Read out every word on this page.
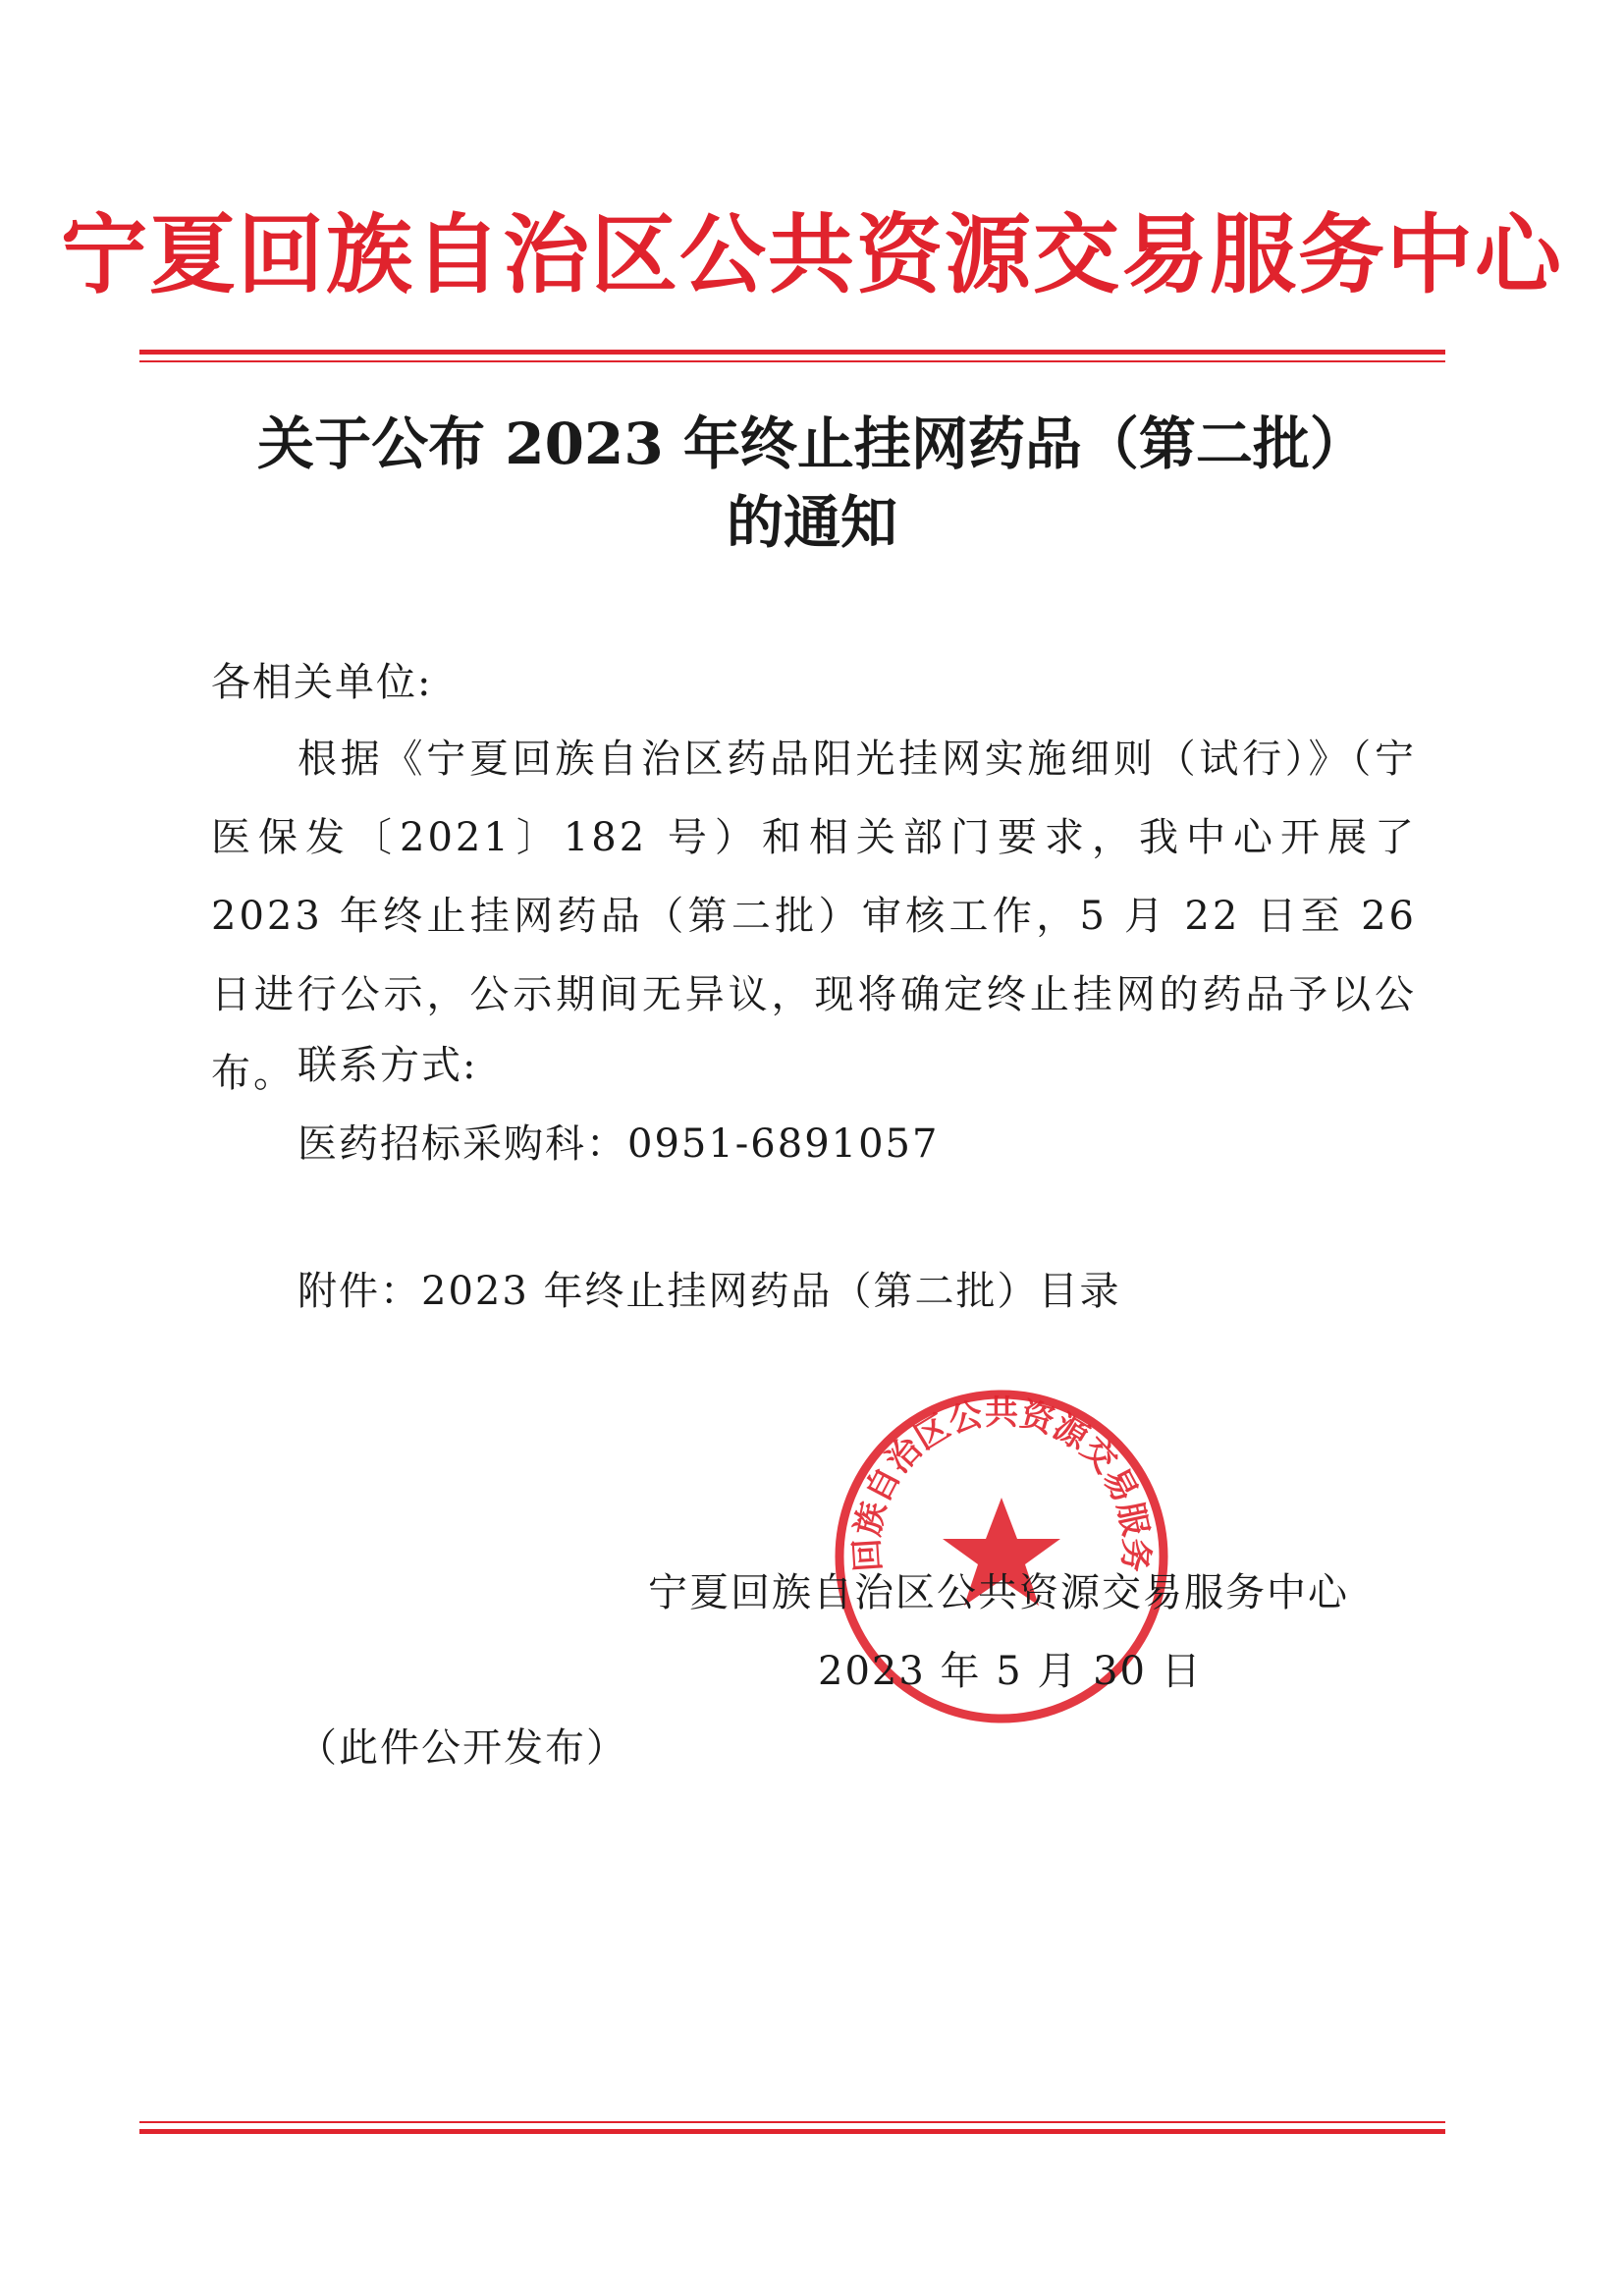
宁夏回族自治区公共资源交易服务中心
关于公布 2023 年终止挂网药品（第二批）
的通知
各相关单位:
根据《宁夏回族自治区药品阳光挂网实施细则（试行）》（宁医保发〔2021〕182 号）和相关部门要求，我中心开展了 2023 年终止挂网药品（第二批）审核工作，5 月 22 日至 26 日进行公示，公示期间无异议，现将确定终止挂网的药品予以公布。 联系方式:
医药招标采购科：0951-6891057
附件：2023 年终止挂网药品（第二批）目录
回族自治区公共资源交易服务
宁夏回族自治区公共资源交易服务中心
2023 年 5 月 30 日
（此件公开发布）
